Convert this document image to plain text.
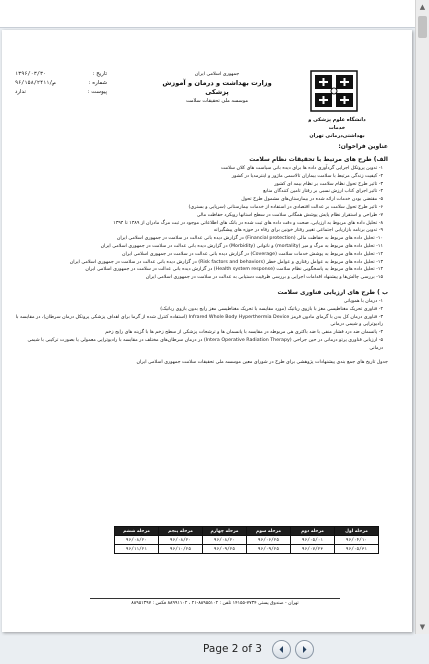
▲
▼
تاریخ :
۱۳۹۶/۰۳/۳۰
شماره :
۹۶/ص/۱۵۸/۲۴۱۱
پیوست :
ندارد
جمهوری اسلامی ایران
وزارت بهداشت و درمان و آموزش پزشکی
موسسه ملی تحقیقات سلامت
دانشگاه علوم پزشکی و خدمات
بهداشتی‌درمانی تهران
عناوین فراخوان:
الف) طرح های مرتبط با تحقیقات نظام سلامت
۱- تدوین پروتکل اجرایی گردآوری داده ها برای دیده بانی سیاست های کلان سلامت
۲- کیفیت زندگی مرتبط با سلامت بیماران تالاسمی ماژور و اینترمدیا در کشور
۳- تاثیر طرح تحول نظام سلامت بر نظام بیمه ای کشور
۴- تاثیر اجرای کتاب ارزش نسبی بر رفتار تامین کنندگان منابع
۵- مقتضی بودن خدمات ارائه شده در بیمارستان‌های مشمول طرح تحول
۶- تاثیر طرح تحول سلامت بر عدالت اقتصادی در استفاده از خدمات بیمارستانی (سرپایی و بستری)
۷- طراحی و استقرار نظام پایش پوشش همگانی سلامت در سطح استانها رویکرد حفاظت مالی
۸- تحلیل داده های مربوط به ارزیابی، صحت و دقت داده های ثبت شده در بانک های اطلاعاتی موجود در ثبت مرگ مادران از ۱۳۸۹ تا ۱۳۹۴
۹- تدوین برنامه بازاریابی اجتماعی تغییر رفتار خونین برای رفاه در حوزه های پیشگیرانه
۱۰- تحلیل داده های مربوط به حفاظت مالی (Financial protection) در گزارش دیده بانی عدالت در سلامت در جمهوری اسلامی ایران
۱۱- تحلیل داده های مربوط به مرگ و میر (mortality) و ناتوانی (Morbidity) در گزارش دیده بانی عدالت در سلامت در جمهوری اسلامی ایران
۱۲- تحلیل داده های مربوط به پوشش خدمات سلامت (Coverage) در گزارش دیده بانی عدالت در سلامت در جمهوری اسلامی ایران
۱۳- تحلیل داده های مربوط به عوامل رفتاری و عوامل خطر (Risk factors and behaviors) در گزارش دیده بانی عدالت در سلامت در جمهوری اسلامی ایران
۱۴- تحلیل داده های مربوط به پاسخگویی نظام سلامت (Health system response) در گزارش دیده بانی عدالت در سلامت در جمهوری اسلامی ایران
۱۵- بررسی چالش‌ها و پیشنهاد اقدامات اجرایی و بررسی ظرفیت دستیابی به عدالت در سلامت در جمهوری اسلامی ایران
ب ) طرح های ارزیابی فناوری سلامت
۱- درمان با هموپاتی
۲- فناوری تحریک مغناطیسی مغز با بازوی رباتیک (مورد مقایسه با تحریک مغناطیسی مغز رایج بدون بازوی رباتیک)
۳- فناوری درمان کل بدن با گرمای مادون قرمز Infrared Whole Body Hyperthermia Device (استفاده کنترل شده از گرما برای اهداف پزشکی پروتکل درمان سرطان)، در مقایسه با رادیوتراپی و شیمی درمانی
۴- پانسمان ضد درد فشار منفی با ضد باکتری هی مربوطه در مقایسه با پانسمان ها و ترشحات پزشکی از سطح زخم ها با گزینه های رایج زخم
۵- ارزیابی فناوری پرتو درمانی در حین جراحی (Intera Operative Radiation Therapy) در درمان سرطان‌های مختلف در مقایسه با رادیوتراپی معمولی یا بصورت ترکیبی با شیمی درمانی
جدول تاریخ های جمع بندی پیشنهادات پژوهشی برای طرح در شورای معین موسسه ملی تحقیقات سلامت جمهوری اسلامی ایران
مرحله اول	مرحله دوم	مرحله سوم	مرحله چهارم	مرحله پنجم	مرحله ششم
۹۶/۰۴/۱۰	۹۶/۰۵/۰۱	۹۶/۰۶/۲۵	۹۶/۰۸/۲۰	۹۶/۰۸/۲۰	۹۶/۰۸/۲۰
۹۶/۰۵/۳۱	۹۶/۰۷/۲۳	۹۶/۰۹/۲۵	۹۶/۰۹/۲۵	۹۶/۱۰/۲۵	۹۶/۱۱/۲۱
تهران - صندوق پستی ۷۷۳۴-۱۴۱۵۵ تلفن : ۸۸۹۵۵۱۰۲-۲۱ ، ۸۸۹۹۱۱۰۲ فکس : ۸۸۹۵۱۳۹۷
Page 2 of 3
